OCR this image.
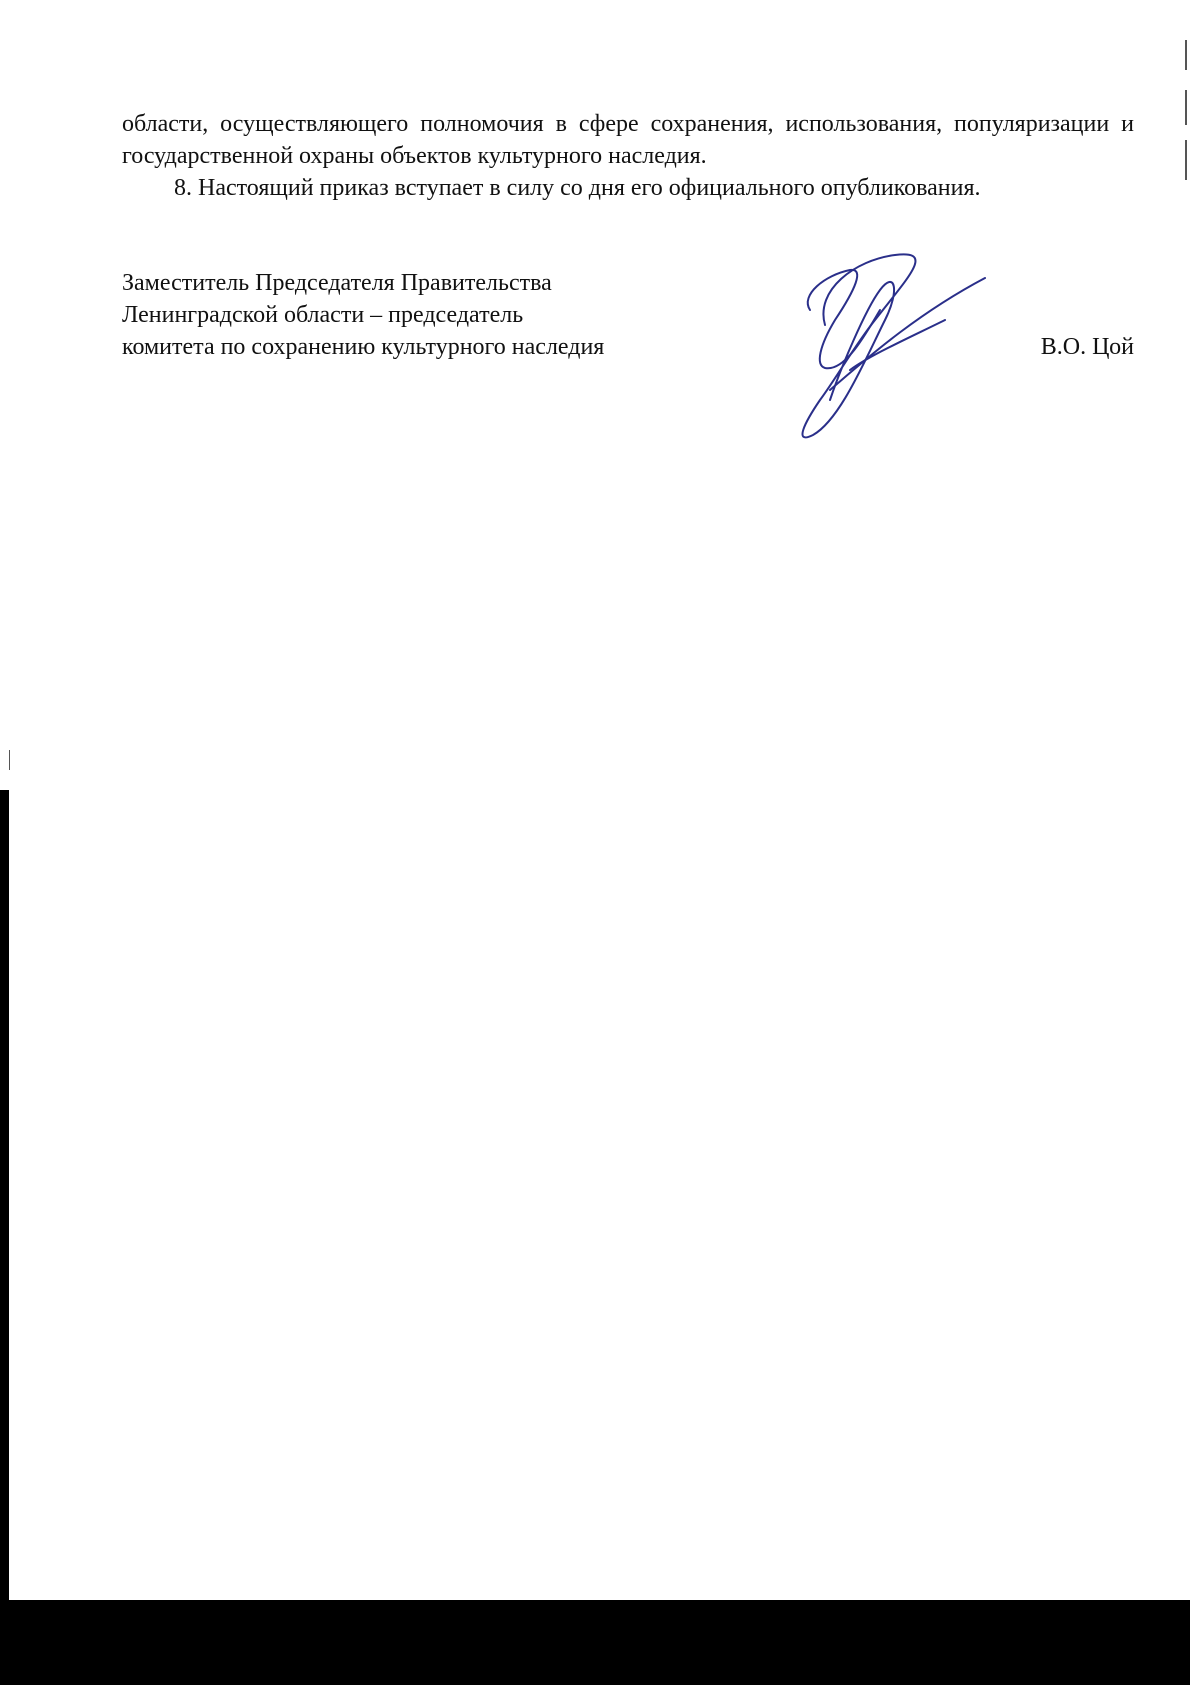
области, осуществляющего полномочия в сфере сохранения, использования, популяризации и государственной охраны объектов культурного наследия.

8. Настоящий приказ вступает в силу со дня его официального опубликования.

Заместитель Председателя Правительства
Ленинградской области – председатель
комитета по сохранению культурного наследия	В.О. Цой
